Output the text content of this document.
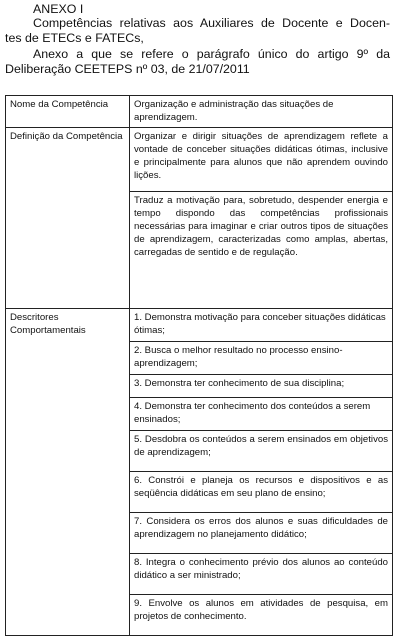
ANEXO I
Competências relativas aos Auxiliares de Docente e Docen-
tes de ETECs e FATECs,
Anexo a que se refere o parágrafo único do artigo 9º da
Deliberação CEETEPS nº 03, de 21/07/2011
Nome da Competência	Organização e administração das situações de aprendizagem.
Definição da Competência	Organizar e dirigir situações de aprendizagem reflete a vontade de conceber situações didáticas ótimas, inclusive e principalmente para alunos que não aprendem ouvindo lições.
	Traduz a motivação para, sobretudo, despender energia e tempo dispondo das competências profissionais necessárias para imaginar e criar outros tipos de situações de aprendizagem, caracterizadas como amplas, abertas, carregadas de sentido e de regulação.
Descritores Comportamentais	1. Demonstra motivação para conceber situações didáticas ótimas;
	2. Busca o melhor resultado no processo ensino-aprendizagem;
	3. Demonstra ter conhecimento de sua disciplina;
	4. Demonstra ter conhecimento dos conteúdos a serem ensinados;
	5. Desdobra os conteúdos a serem ensinados em objetivos de aprendizagem;
	6. Constrói e planeja os recursos e dispositivos e as seqüência didáticas em seu plano de ensino;
	7. Considera os erros dos alunos e suas dificuldades de aprendizagem no planejamento didático;
	8. Integra o conhecimento prévio dos alunos ao conteúdo didático a ser ministrado;
	9. Envolve os alunos em atividades de pesquisa, em projetos de conhecimento.
